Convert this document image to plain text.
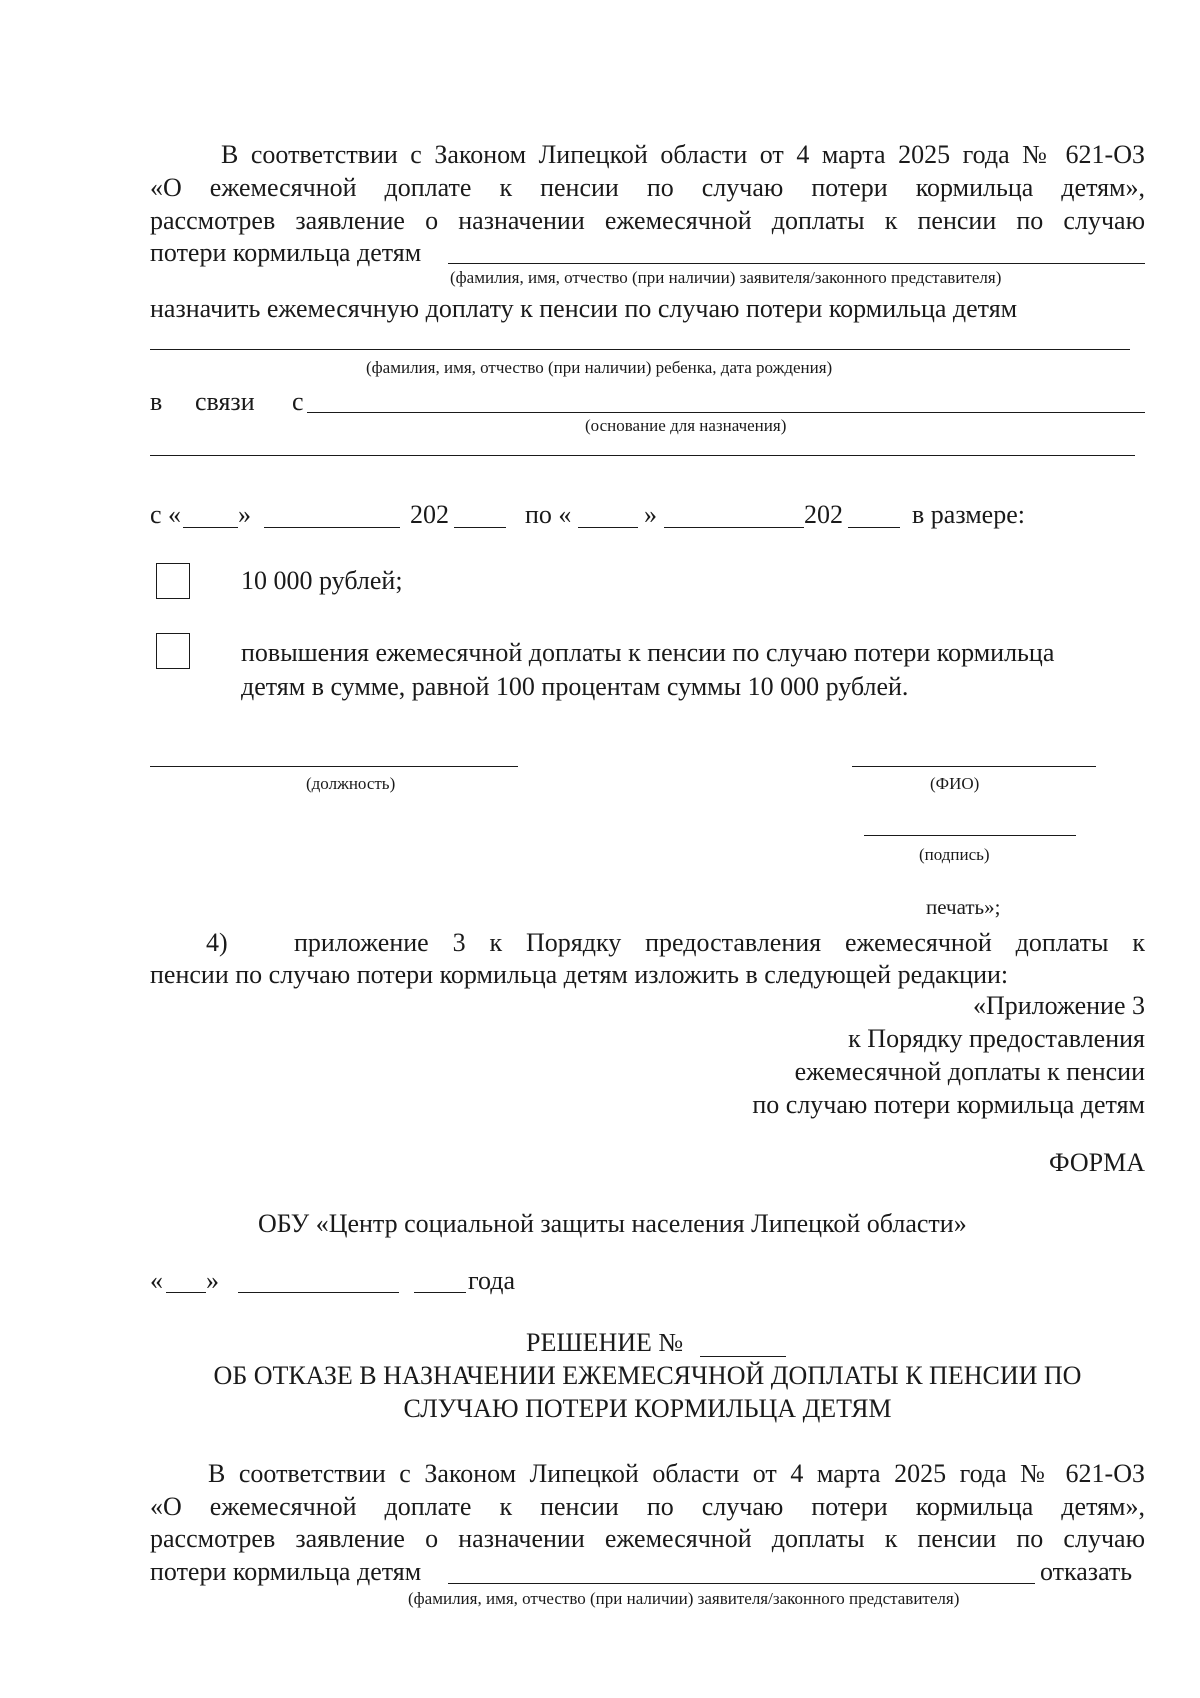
В соответствии с Законом Липецкой области от 4 марта 2025 года № 621-ОЗ
«О ежемесячной доплате к пенсии по случаю потери кормильца детям»,
рассмотрев заявление о назначении ежемесячной доплаты к пенсии по случаю
потери кормильца детям
(фамилия, имя, отчество (при наличии) заявителя/законного представителя)
назначить ежемесячную доплату к пенсии по случаю потери кормильца детям
(фамилия, имя, отчество (при наличии) ребенка, дата рождения)
в связи с
(основание для назначения)
с « »	202	по «	»	202	в размере:
10 000 рублей;
повышения ежемесячной доплаты к пенсии по случаю потери кормильца
детям в сумме, равной 100 процентам суммы 10 000 рублей.
(должность)	(ФИО)
(подпись)
печать»;
4)	приложение 3 к Порядку предоставления ежемесячной доплаты к
пенсии по случаю потери кормильца детям изложить в следующей редакции:
«Приложение 3
к Порядку предоставления
ежемесячной доплаты к пенсии
по случаю потери кормильца детям
ФОРМА
ОБУ «Центр социальной защиты населения Липецкой области»
« »	года
РЕШЕНИЕ №
ОБ ОТКАЗЕ В НАЗНАЧЕНИИ ЕЖЕМЕСЯЧНОЙ ДОПЛАТЫ К ПЕНСИИ ПО
СЛУЧАЮ ПОТЕРИ КОРМИЛЬЦА ДЕТЯМ
В соответствии с Законом Липецкой области от 4 марта 2025 года № 621-ОЗ
«О ежемесячной доплате к пенсии по случаю потери кормильца детям»,
рассмотрев заявление о назначении ежемесячной доплаты к пенсии по случаю
потери кормильца детям	отказать
(фамилия, имя, отчество (при наличии) заявителя/законного представителя)
